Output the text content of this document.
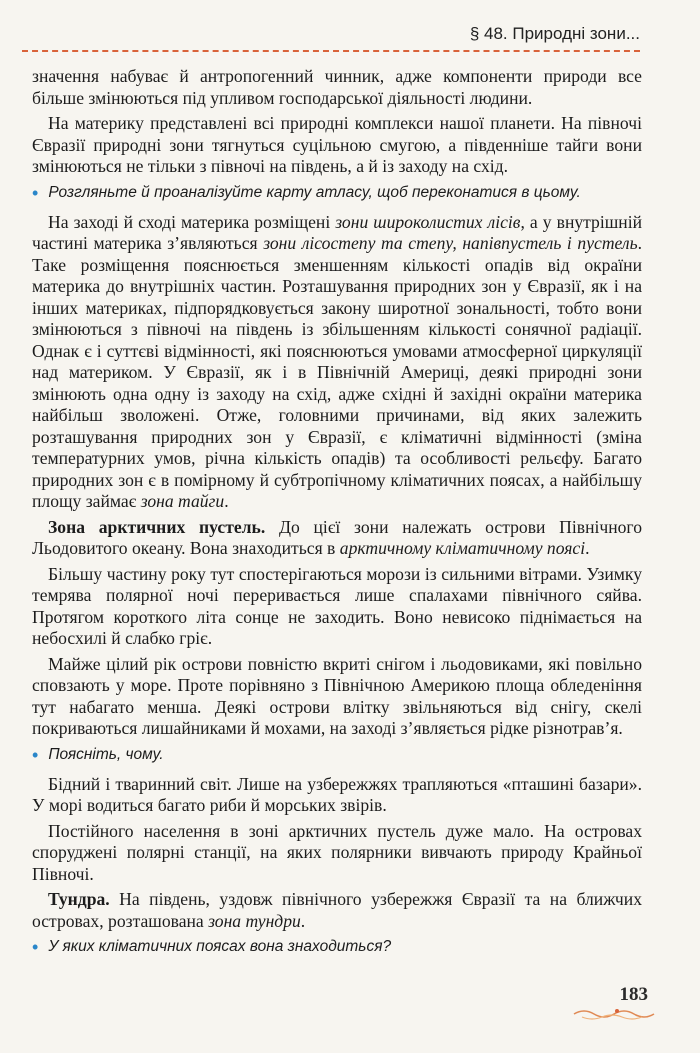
§ 48. Природні зони...

значення набуває й антропогенний чинник, адже компоненти природи все більше змінюються під упливом господарської діяльності людини.

На материку представлені всі природні комплекси нашої планети. На півночі Євразії природні зони тягнуться суцільною смугою, а південніше тайги вони змінюються не тільки з півночі на південь, а й із заходу на схід.

• Розгляньте й проаналізуйте карту атласу, щоб переконатися в цьому.

На заході й сході материка розміщені зони широколистих лісів, а у внутрішній частині материка з’являються зони лісостепу та степу, напівпустель і пустель. Таке розміщення пояснюється зменшенням кількості опадів від окраїни материка до внутрішніх частин. Розташування природних зон у Євразії, як і на інших материках, підпорядковується закону широтної зональності, тобто вони змінюються з півночі на південь із збільшенням кількості сонячної радіації. Однак є і суттєві відмінності, які пояснюються умовами атмосферної циркуляції над материком. У Євразії, як і в Північній Америці, деякі природні зони змінюють одна одну із заходу на схід, адже східні й західні окраїни материка найбільш зволожені. Отже, головними причинами, від яких залежить розташування природних зон у Євразії, є кліматичні відмінності (зміна температурних умов, річна кількість опадів) та особливості рельєфу. Багато природних зон є в помірному й субтропічному кліматичних поясах, а найбільшу площу займає зона тайги.

Зона арктичних пустель. До цієї зони належать острови Північного Льодовитого океану. Вона знаходиться в арктичному кліматичному поясі.

Більшу частину року тут спостерігаються морози із сильними вітрами. Узимку темрява полярної ночі переривається лише спалахами північного сяйва. Протягом короткого літа сонце не заходить. Воно невисоко піднімається на небосхилі й слабко гріє.

Майже цілий рік острови повністю вкриті снігом і льодовиками, які повільно сповзають у море. Проте порівняно з Північною Америкою площа обледеніння тут набагато менша. Деякі острови влітку звільняються від снігу, скелі покриваються лишайниками й мохами, на заході з’являється рідке різнотрав’я.

• Поясніть, чому.

Бідний і тваринний світ. Лише на узбережжях трапляються «пташині базари». У морі водиться багато риби й морських звірів.

Постійного населення в зоні арктичних пустель дуже мало. На островах споруджені полярні станції, на яких полярники вивчають природу Крайньої Півночі.

Тундра. На південь, уздовж північного узбережжя Євразії та на ближчих островах, розташована зона тундри.

• У яких кліматичних поясах вона знаходиться?
183
